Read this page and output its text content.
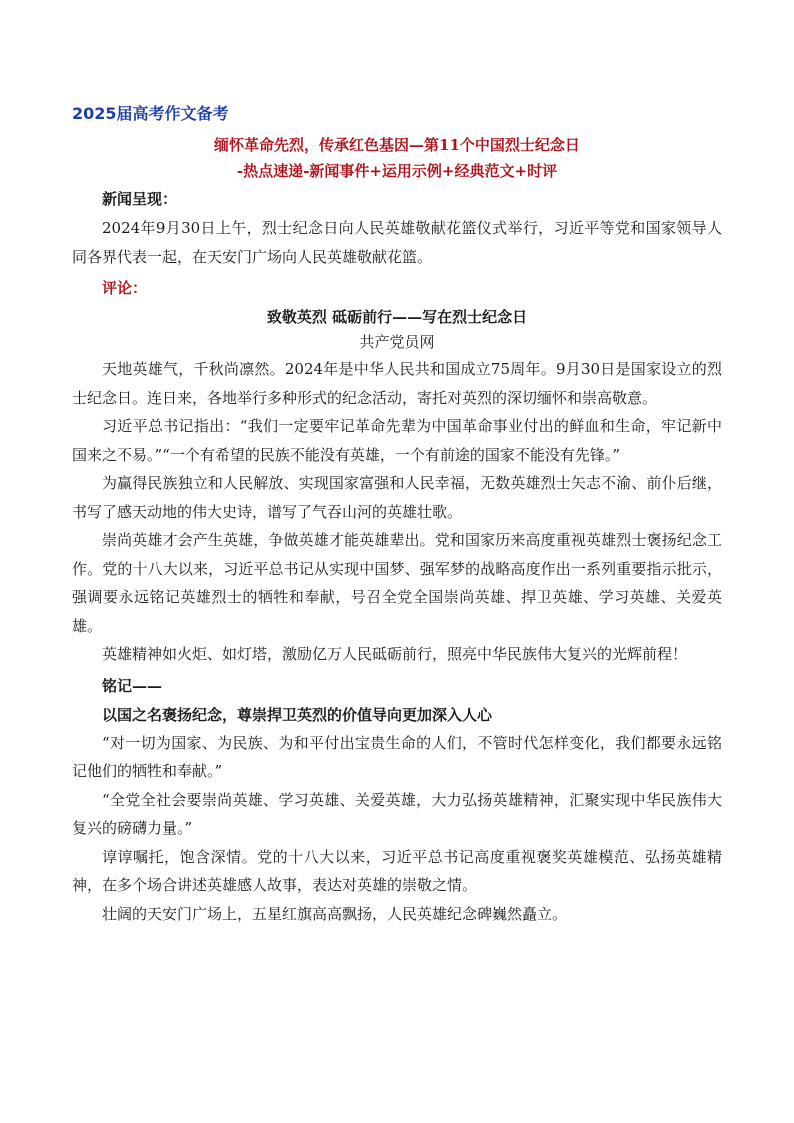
2025届高考作文备考

缅怀革命先烈，传承红色基因—第11个中国烈士纪念日

-热点速递-新闻事件+运用示例+经典范文+时评

新闻呈现：

2024年9月30日上午，烈士纪念日向人民英雄敬献花篮仪式举行，习近平等党和国家领导人同各界代表一起，在天安门广场向人民英雄敬献花篮。

评论：

致敬英烈 砥砺前行——写在烈士纪念日

共产党员网

天地英雄气，千秋尚凛然。2024年是中华人民共和国成立75周年。9月30日是国家设立的烈士纪念日。连日来，各地举行多种形式的纪念活动，寄托对英烈的深切缅怀和崇高敬意。

习近平总书记指出：“我们一定要牢记革命先辈为中国革命事业付出的鲜血和生命，牢记新中国来之不易。”“一个有希望的民族不能没有英雄，一个有前途的国家不能没有先锋。”

为赢得民族独立和人民解放、实现国家富强和人民幸福，无数英雄烈士矢志不渝、前仆后继，书写了感天动地的伟大史诗，谱写了气吞山河的英雄壮歌。

崇尚英雄才会产生英雄，争做英雄才能英雄辈出。党和国家历来高度重视英雄烈士褒扬纪念工作。党的十八大以来，习近平总书记从实现中国梦、强军梦的战略高度作出一系列重要指示批示，强调要永远铭记英雄烈士的牺牲和奉献，号召全党全国崇尚英雄、捍卫英雄、学习英雄、关爱英雄。

英雄精神如火炬、如灯塔，激励亿万人民砥砺前行，照亮中华民族伟大复兴的光辉前程！

铭记——

以国之名褒扬纪念，尊崇捍卫英烈的价值导向更加深入人心

“对一切为国家、为民族、为和平付出宝贵生命的人们，不管时代怎样变化，我们都要永远铭记他们的牺牲和奉献。”

“全党全社会要崇尚英雄、学习英雄、关爱英雄，大力弘扬英雄精神，汇聚实现中华民族伟大复兴的磅礴力量。”

谆谆嘱托，饱含深情。党的十八大以来，习近平总书记高度重视褒奖英雄模范、弘扬英雄精神，在多个场合讲述英雄感人故事，表达对英雄的崇敬之情。

壮阔的天安门广场上，五星红旗高高飘扬，人民英雄纪念碑巍然矗立。
